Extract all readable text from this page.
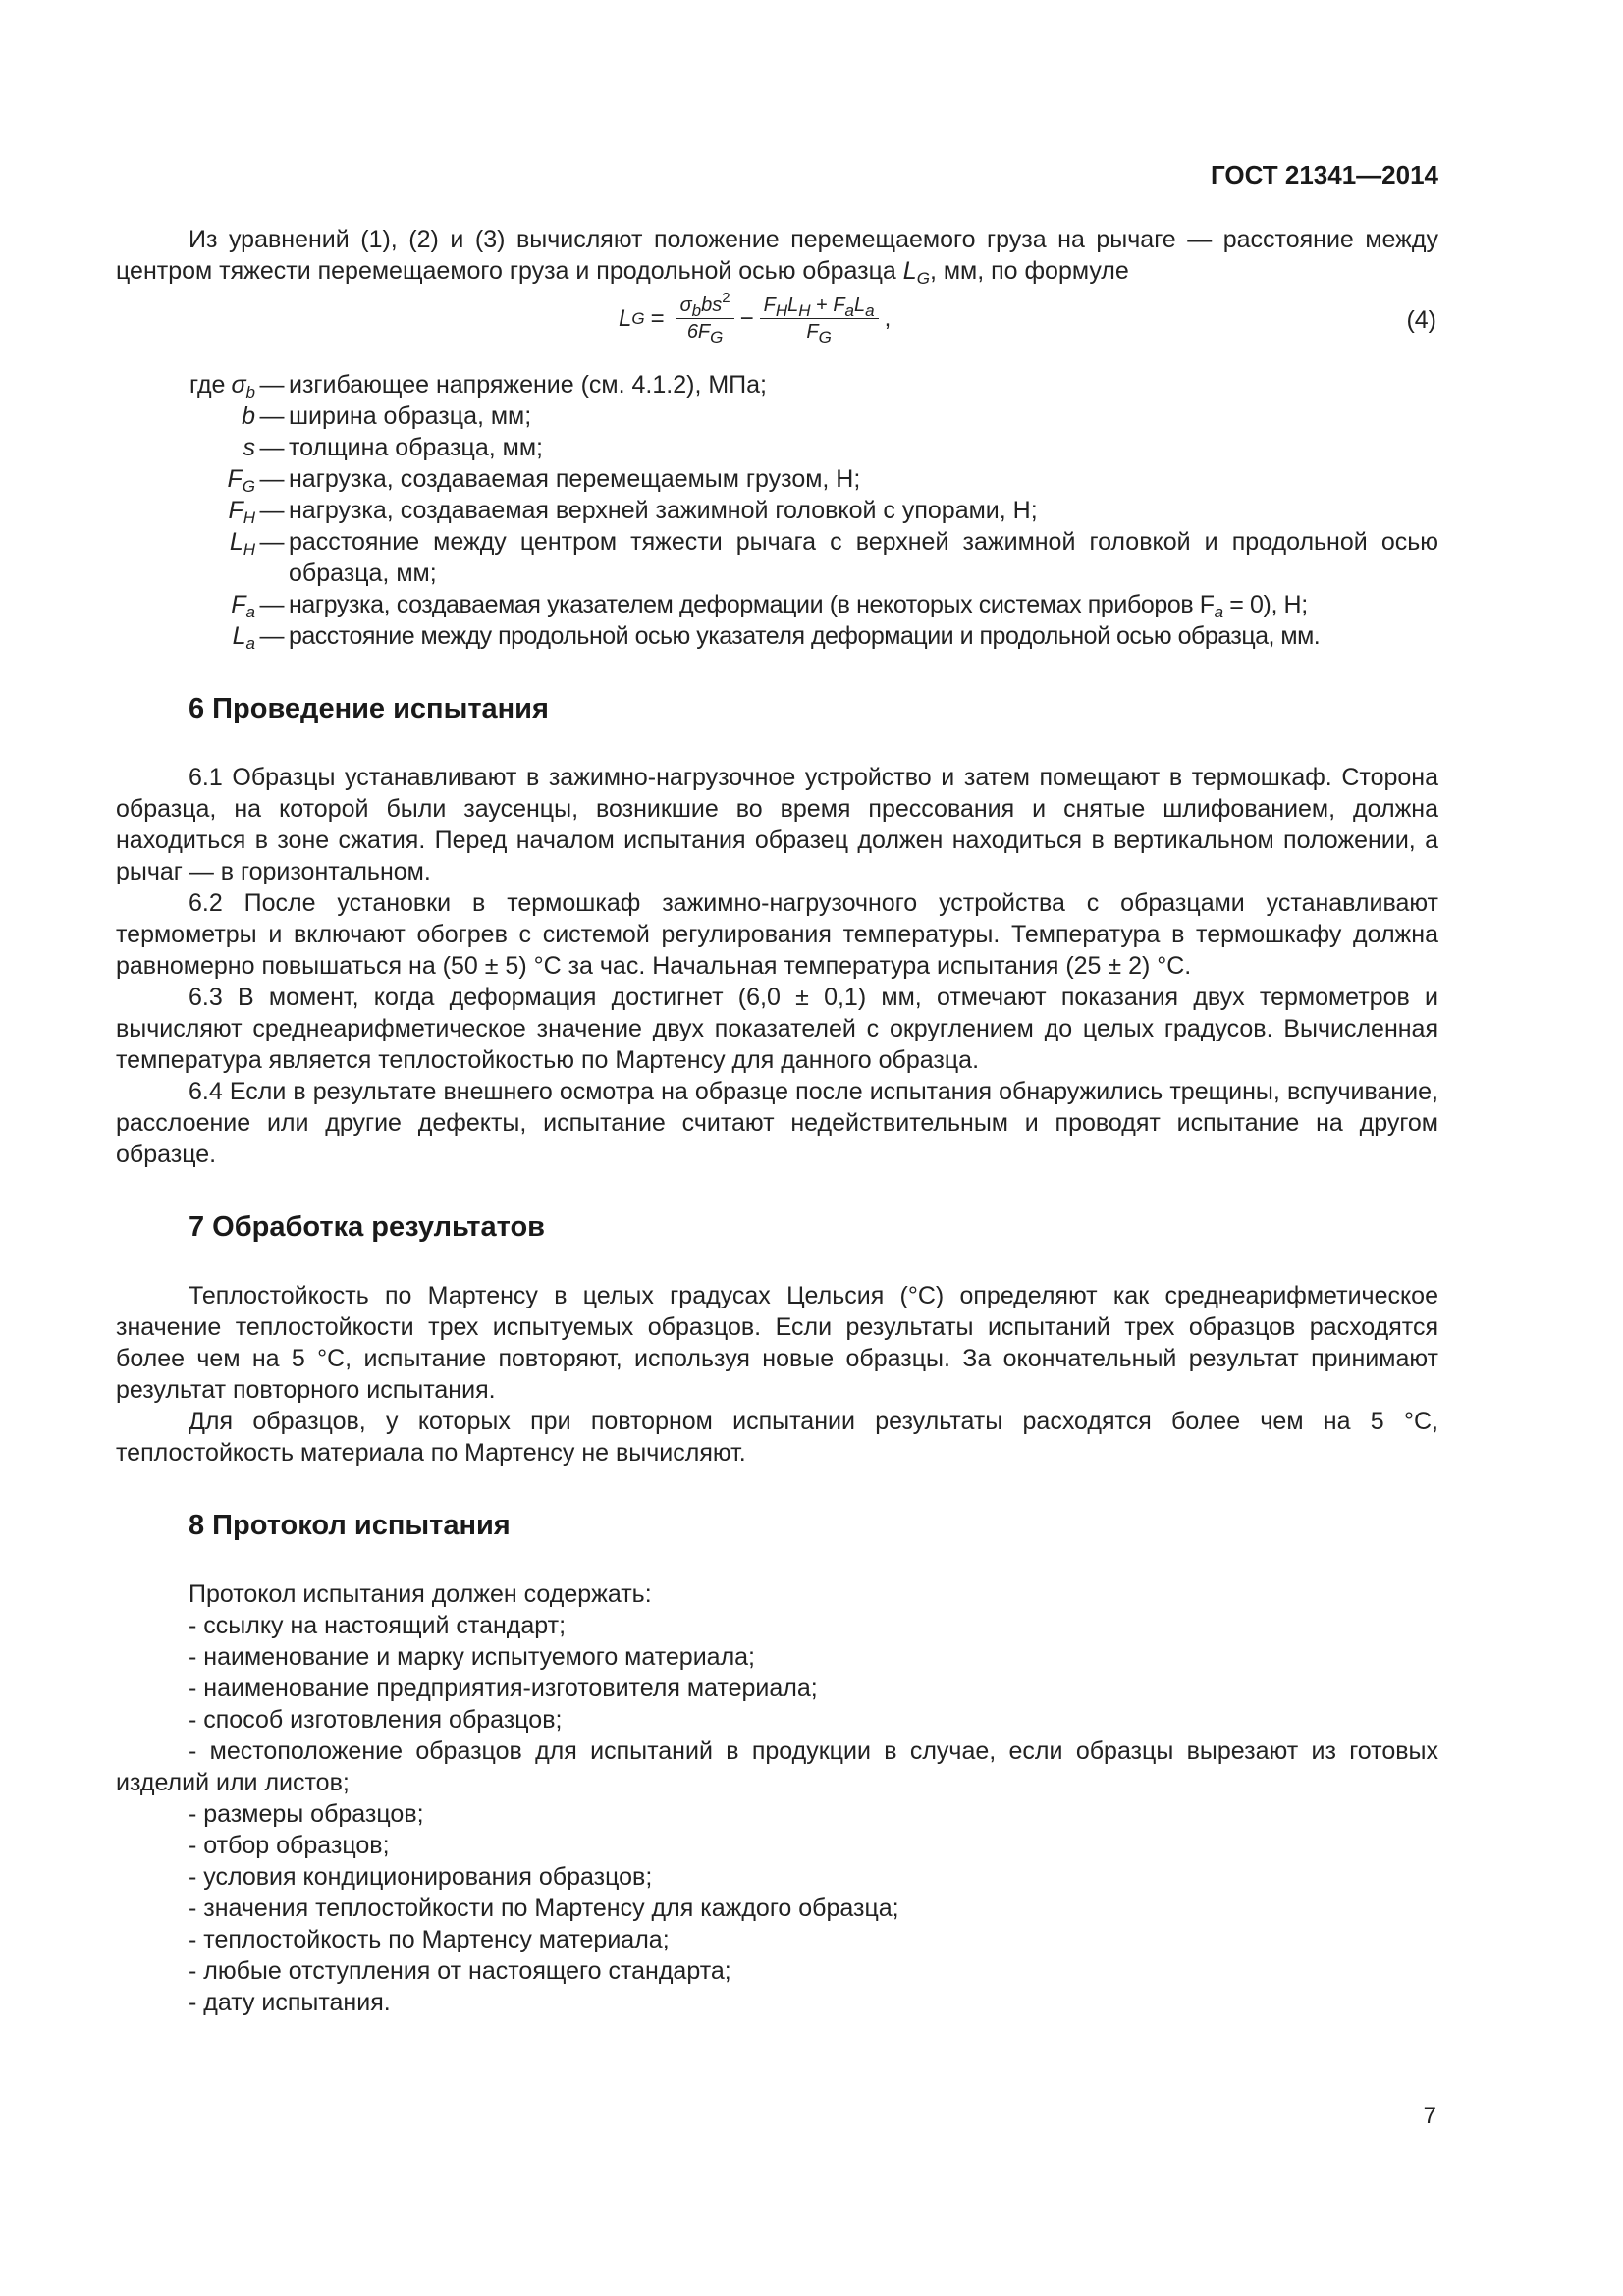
ГОСТ 21341—2014

Из уравнений (1), (2) и (3) вычисляют положение перемещаемого груза на рычаге — расстояние между центром тяжести перемещаемого груза и продольной осью образца $L_G$, мм, по формуле

L $G = \frac{\sigma_bbs^2}{6F_G} - \frac{F_HL_H + F_aL_a}{F_G}$ ,	(4)
где $\sigma_b$ — изгибающее напряжение (см. 4.1.2), МПа;
b — ширина образца, мм;
s — толщина образца, мм;
$F_G$ — нагрузка, создаваемая перемещаемым грузом, Н;
$F_H$ — нагрузка, создаваемая верхней зажимной головкой с упорами, Н;
$L_H$ — расстояние между центром тяжести рычага с верхней зажимной головкой и продольной осью образца, мм;
$F_a$ — нагрузка, создаваемая указателем деформации (в некоторых системах приборов $F_a = 0$), Н;
$L_a$ — расстояние между продольной осью указателя деформации и продольной осью образца, мм.
6 Проведение испытания

6.1 Образцы устанавливают в зажимно-нагрузочное устройство и затем помещают в термошкаф. Сторона образца, на которой были заусенцы, возникшие во время прессования и снятые шлифованием, должна находиться в зоне сжатия. Перед началом испытания образец должен находиться в вертикальном положении, а рычаг — в горизонтальном.

6.2 После установки в термошкаф зажимно-нагрузочного устройства с образцами устанавливают термометры и включают обогрев с системой регулирования температуры. Температура в термошкафу должна равномерно повышаться на (50 ± 5) °С за час. Начальная температура испытания (25 ± 2) °С.

6.3 В момент, когда деформация достигнет (6,0 ± 0,1) мм, отмечают показания двух термометров и вычисляют среднеарифметическое значение двух показателей с округлением до целых градусов. Вычисленная температура является теплостойкостью по Мартенсу для данного образца.

6.4 Если в результате внешнего осмотра на образце после испытания обнаружились трещины, вспучивание, расслоение или другие дефекты, испытание считают недействительным и проводят испытание на другом образце.

7 Обработка результатов

Теплостойкость по Мартенсу в целых градусах Цельсия (°С) определяют как среднеарифметическое значение теплостойкости трех испытуемых образцов. Если результаты испытаний трех образцов расходятся более чем на 5 °С, испытание повторяют, используя новые образцы. За окончательный результат принимают результат повторного испытания.

Для образцов, у которых при повторном испытании результаты расходятся более чем на 5 °С, теплостойкость материала по Мартенсу не вычисляют.

8 Протокол испытания

Протокол испытания должен содержать:

- ссылку на настоящий стандарт;

- наименование и марку испытуемого материала;

- наименование предприятия-изготовителя материала;

- способ изготовления образцов;

- местоположение образцов для испытаний в продукции в случае, если образцы вырезают из готовых изделий или листов;

- размеры образцов;

- отбор образцов;

- условия кондиционирования образцов;

- значения теплостойкости по Мартенсу для каждого образца;

- теплостойкость по Мартенсу материала;

- любые отступления от настоящего стандарта;

- дату испытания.

7
